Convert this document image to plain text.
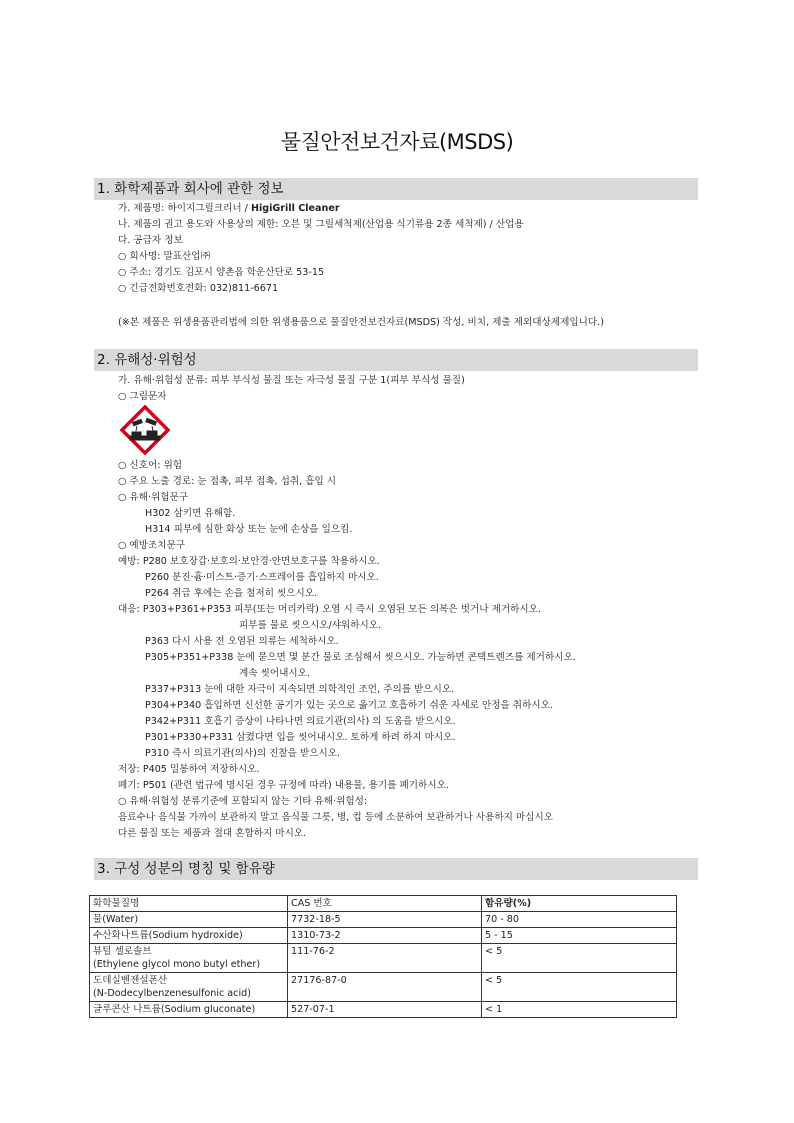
물질안전보건자료(MSDS)
1. 화학제품과 회사에 관한 정보
가. 제품명: 하이지그릴크리너 / HigiGrill Cleaner
나. 제품의 권고 용도와 사용상의 제한: 오븐 및 그릴세척제(산업용 식기류용 2종 세척제) / 산업용
다. 공급자 정보
○ 회사명: 말표산업㈜
○ 주소: 경기도 김포시 양촌읍 학운산단로 53-15
○ 긴급전화번호전화: 032)811-6671
(※본 제품은 위생용품관리법에 의한 위생용품으로 물질안전보건자료(MSDS) 작성, 비치, 제출 제외대상제제입니다.)
2. 유해성·위험성
가. 유해·위험성 분류: 피부 부식성 물질 또는 자극성 물질 구분 1(피부 부식성 물질)
○ 그림문자
○ 신호어: 위험
○ 주요 노출 경로: 눈 접촉, 피부 접촉, 섭취, 흡입 시
○ 유해·위험문구
H302 삼키면 유해함.
H314 피부에 심한 화상 또는 눈에 손상을 일으킴.
○ 예방조치문구
예방: P280 보호장갑·보호의·보안경·안면보호구를 착용하시오.
P260 분진·흄·미스트·증기·스프레이를 흡입하지 마시오.
P264 취급 후에는 손을 철저히 씻으시오.
대응: P303+P361+P353 피부(또는 머리카락) 오염 시 즉시 오염된 모든 의복은 벗거나 제거하시오.
피부를 물로 씻으시오/샤워하시오.
P363 다시 사용 전 오염된 의류는 세척하시오.
P305+P351+P338 눈에 묻으면 몇 분간 물로 조심해서 씻으시오. 가능하면 콘택트렌즈를 제거하시오.
계속 씻어내시오.
P337+P313 눈에 대한 자극이 지속되면 의학적인 조언, 주의를 받으시오.
P304+P340 흡입하면 신선한 공기가 있는 곳으로 옮기고 호흡하기 쉬운 자세로 안정을 취하시오.
P342+P311 호흡기 증상이 나타나면 의료기관(의사) 의 도움을 받으시오.
P301+P330+P331 삼켰다면 입을 씻어내시오. 토하게 하려 하지 마시오.
P310 즉시 의료기관(의사)의 진찰을 받으시오.
저장: P405 밀봉하여 저장하시오.
폐기: P501 (관련 법규에 명시된 경우 규정에 따라) 내용물, 용기를 폐기하시오.
○ 유해·위험성 분류기준에 포함되지 않는 기타 유해·위험성:
음료수나 음식물 가까이 보관하지 말고 음식물 그릇, 병, 컵 등에 소분하여 보관하거나 사용하지 마십시오
다른 물질 또는 제품과 절대 혼합하지 마시오.
3. 구성 성분의 명칭 및 함유량
화학물질명	CAS 번호	함유량(%)
물(Water)	7732-18-5	70 - 80
수산화나트륨(Sodium hydroxide)	1310-73-2	5 - 15

뷰틸 셀로솔브
(Ethylene glycol mono butyl ether)	111-76-2	< 5

도데실벤젠설폰산
(N-Dodecylbenzenesulfonic acid)	27176-87-0	< 5
글루콘산 나트륨(Sodium gluconate)	527-07-1	< 1
